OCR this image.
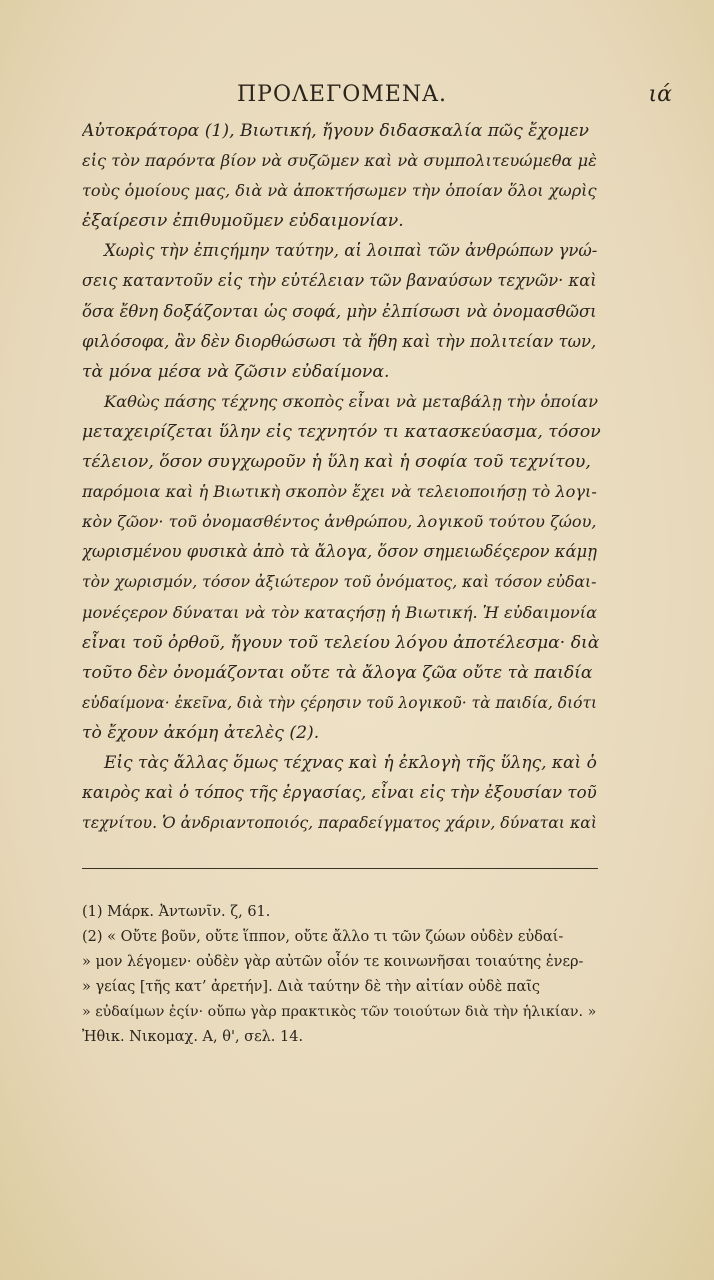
ΠΡΟΛΕΓΟΜΕΝΑ.	ιά
Αὐτοκράτορα (1), Βιωτική, ἤγουν διδασκαλία πῶς ἔχομεν
εἰς τὸν παρόντα βίον νὰ συζῶμεν καὶ νὰ συμπολιτευώμεθα μὲ
τοὺς ὁμοίους μας, διὰ νὰ ἀποκτήσωμεν τὴν ὁποίαν ὅλοι χωρὶς
ἐξαίρεσιν ἐπιθυμοῦμεν εὐδαιμονίαν.
Χωρὶς τὴν ἐπιςήμην ταύτην, αἱ λοιπαὶ τῶν ἀνθρώπων γνώ-
σεις καταντοῦν εἰς τὴν εὐτέλειαν τῶν βαναύσων τεχνῶν· καὶ
ὅσα ἔθνη δοξάζονται ὡς σοφά, μὴν ἐλπίσωσι νὰ ὀνομασθῶσι
φιλόσοφα, ἂν δὲν διορθώσωσι τὰ ἤθη καὶ τὴν πολιτείαν των,
τὰ μόνα μέσα νὰ ζῶσιν εὐδαίμονα.
Καθὼς πάσης τέχνης σκοπὸς εἶναι νὰ μεταβάλῃ τὴν ὁποίαν
μεταχειρίζεται ὕλην εἰς τεχνητόν τι κατασκεύασμα, τόσον
τέλειον, ὅσον συγχωροῦν ἡ ὕλη καὶ ἡ σοφία τοῦ τεχνίτου,
παρόμοια καὶ ἡ Βιωτικὴ σκοπὸν ἔχει νὰ τελειοποιήσῃ τὸ λογι-
κὸν ζῶον· τοῦ ὀνομασθέντος ἀνθρώπου, λογικοῦ τούτου ζώου,
χωρισμένου φυσικὰ ἀπὸ τὰ ἄλογα, ὅσον σημειωδέςερον κάμῃ
τὸν χωρισμόν, τόσον ἀξιώτερον τοῦ ὀνόματος, καὶ τόσον εὐδαι-
μονέςερον δύναται νὰ τὸν καταςήσῃ ἡ Βιωτική. Ἡ εὐδαιμονία
εἶναι τοῦ ὀρθοῦ, ἤγουν τοῦ τελείου λόγου ἀποτέλεσμα· διὰ
τοῦτο δὲν ὀνομάζονται οὔτε τὰ ἄλογα ζῶα οὔτε τὰ παιδία
εὐδαίμονα· ἐκεῖνα, διὰ τὴν ςέρησιν τοῦ λογικοῦ· τὰ παιδία, διότι
τὸ ἔχουν ἀκόμη ἀτελὲς (2).
Εἰς τὰς ἄλλας ὅμως τέχνας καὶ ἡ ἐκλογὴ τῆς ὕλης, καὶ ὁ
καιρὸς καὶ ὁ τόπος τῆς ἐργασίας, εἶναι εἰς τὴν ἐξουσίαν τοῦ
τεχνίτου. Ὁ ἀνδριαντοποιός, παραδείγματος χάριν, δύναται καὶ
(1) Μάρκ. Ἀντωνῖν. ζ, 61.
(2) « Οὔτε βοῦν, οὔτε ἵππον, οὔτε ἄλλο τι τῶν ζώων οὐδὲν εὐδαί-
» μον λέγομεν· οὐδὲν γὰρ αὐτῶν οἷόν τε κοινωνῆσαι τοιαύτης ἐνερ-
» γείας [τῆς κατ’ ἀρετήν]. Διὰ ταύτην δὲ τὴν αἰτίαν οὐδὲ παῖς
» εὐδαίμων ἐςίν· οὔπω γὰρ πρακτικὸς τῶν τοιούτων διὰ τὴν ἡλικίαν. »
Ἠθικ. Νικομαχ. Α, θ', σελ. 14.
